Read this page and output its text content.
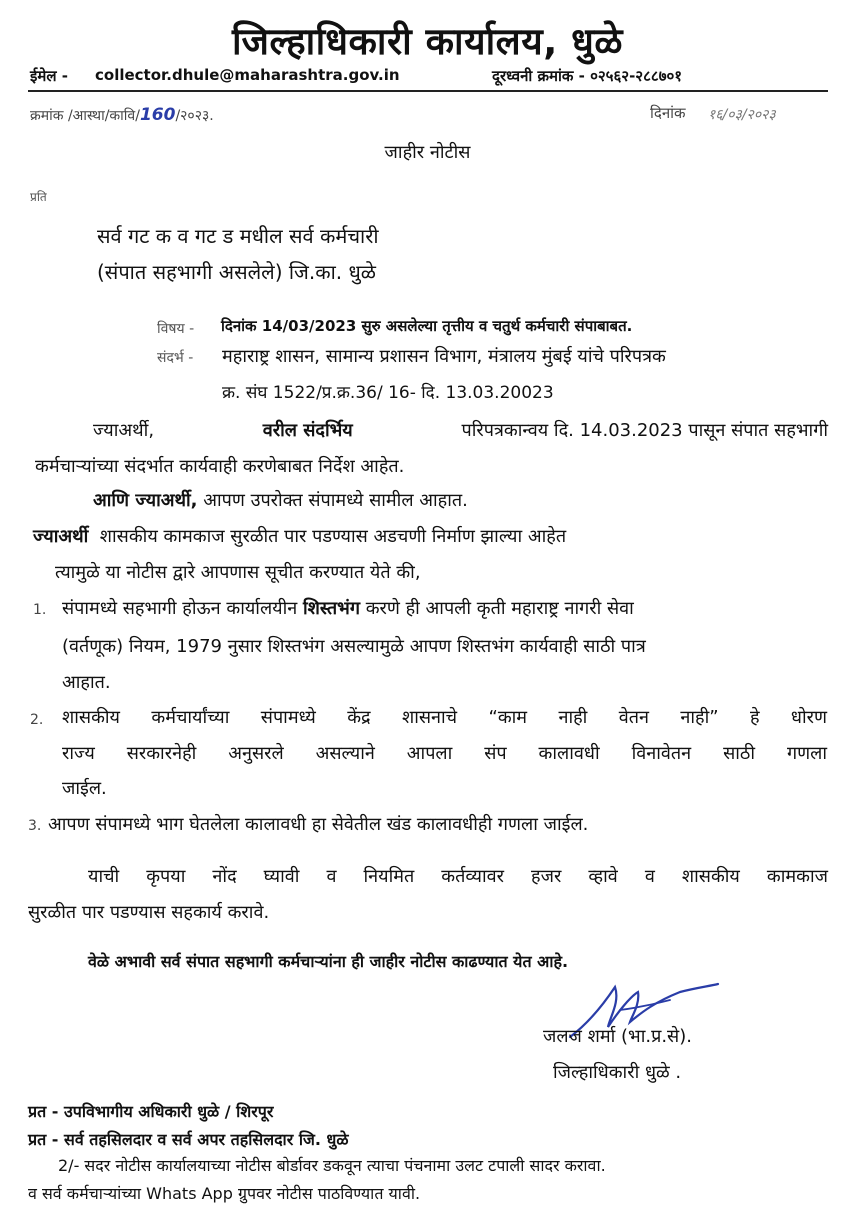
जिल्हाधिकारी कार्यालय, धुळे
ईमेल - collector.dhule@maharashtra.gov.in	दूरध्वनी क्रमांक - ०२५६२-२८८७०१
क्रमांक /आस्था/कावि/160/२०२३.	दिनांक १६/०३/२०२३
जाहीर नोटीस
प्रति
सर्व गट क व गट ड मधील सर्व कर्मचारी
(संपात सहभागी असलेले) जि.का. धुळे
विषय - दिनांक 14/03/2023 सुरु असलेल्या तृत्तीय व चतुर्थ कर्मचारी संपाबाबत.
संदर्भ - महाराष्ट्र शासन, सामान्य प्रशासन विभाग, मंत्रालय मुंबई यांचे परिपत्रक
क्र. संघ 1522/प्र.क्र.36/ 16- दि. 13.03.20023
ज्याअर्थी,	वरील संदर्भिय	परिपत्रकान्वय दि. 14.03.2023 पासून संपात सहभागी
कर्मचाऱ्यांच्या संदर्भात कार्यवाही करणेबाबत निर्देश आहेत.
आणि ज्याअर्थी, आपण उपरोक्त संपामध्ये सामील आहात.
ज्याअर्थी शासकीय कामकाज सुरळीत पार पडण्यास अडचणी निर्माण झाल्या आहेत
त्यामुळे या नोटीस द्वारे आपणास सूचीत करण्यात येते की,
1. संपामध्ये सहभागी होऊन कार्यालयीन शिस्तभंग करणे ही आपली कृती महाराष्ट्र नागरी सेवा
(वर्तणूक) नियम, 1979 नुसार शिस्तभंग असल्यामुळे आपण शिस्तभंग कार्यवाही साठी पात्र
आहात.
2. शासकीय कर्मचार्यांच्या संपामध्ये केंद्र शासनाचे “काम नाही वेतन नाही” हे धोरण
राज्य सरकारनेही अनुसरले असल्याने आपला संप कालावधी विनावेतन साठी गणला
जाईल.
3. आपण संपामध्ये भाग घेतलेला कालावधी हा सेवेतील खंड कालावधीही गणला जाईल.
याची कृपया नोंद घ्यावी व नियमित कर्तव्यावर हजर व्हावे व शासकीय कामकाज
सुरळीत पार पडण्यास सहकार्य करावे.
वेळे अभावी सर्व संपात सहभागी कर्मचाऱ्यांना ही जाहीर नोटीस काढण्यात येत आहे.
जलज शर्मा (भा.प्र.से).
जिल्हाधिकारी धुळे .
प्रत - उपविभागीय अधिकारी धुळे / शिरपूर
प्रत - सर्व तहसिलदार व सर्व अपर तहसिलदार जि. धुळे
2/- सदर नोटीस कार्यालयाच्या नोटीस बोर्डावर डकवून त्याचा पंचनामा उलट टपाली सादर करावा.
व सर्व कर्मचाऱ्यांच्या Whats App ग्रुपवर नोटीस पाठविण्यात यावी.
